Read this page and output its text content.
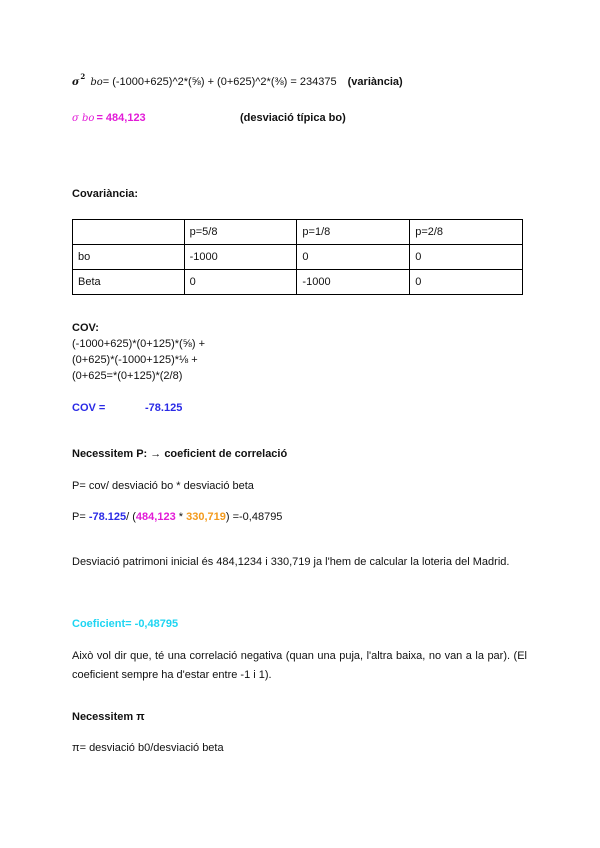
$\sigma^2$ bo= (-1000+625)^2*(⅝) + (0+625)^2*(⅜) = 234375 (variància)
σ bo = 484,123	(desviació típica bo)
Covariància:
	p=5/8	p=1/8	p=2/8
bo	-1000	0	0
Beta	0	-1000	0
COV:
(-1000+625)*(0+125)*(⅝) +
(0+625)*(-1000+125)*⅛ +
(0+625=*(0+125)*(2/8)
COV =	-78.125
Necessitem P: → coeficient de correlació
P= cov/ desviació bo * desviació beta
P= -78.125/ (484,123 * 330,719) =-0,48795
Desviació patrimoni inicial és 484,1234 i 330,719 ja l'hem de calcular la loteria del Madrid.
Coeficient= -0,48795
Això vol dir que, té una correlació negativa (quan una puja, l'altra baixa, no van a la par). (El coeficient sempre ha d'estar entre -1 i 1).
Necessitem π
π= desviació b0/desviació beta
